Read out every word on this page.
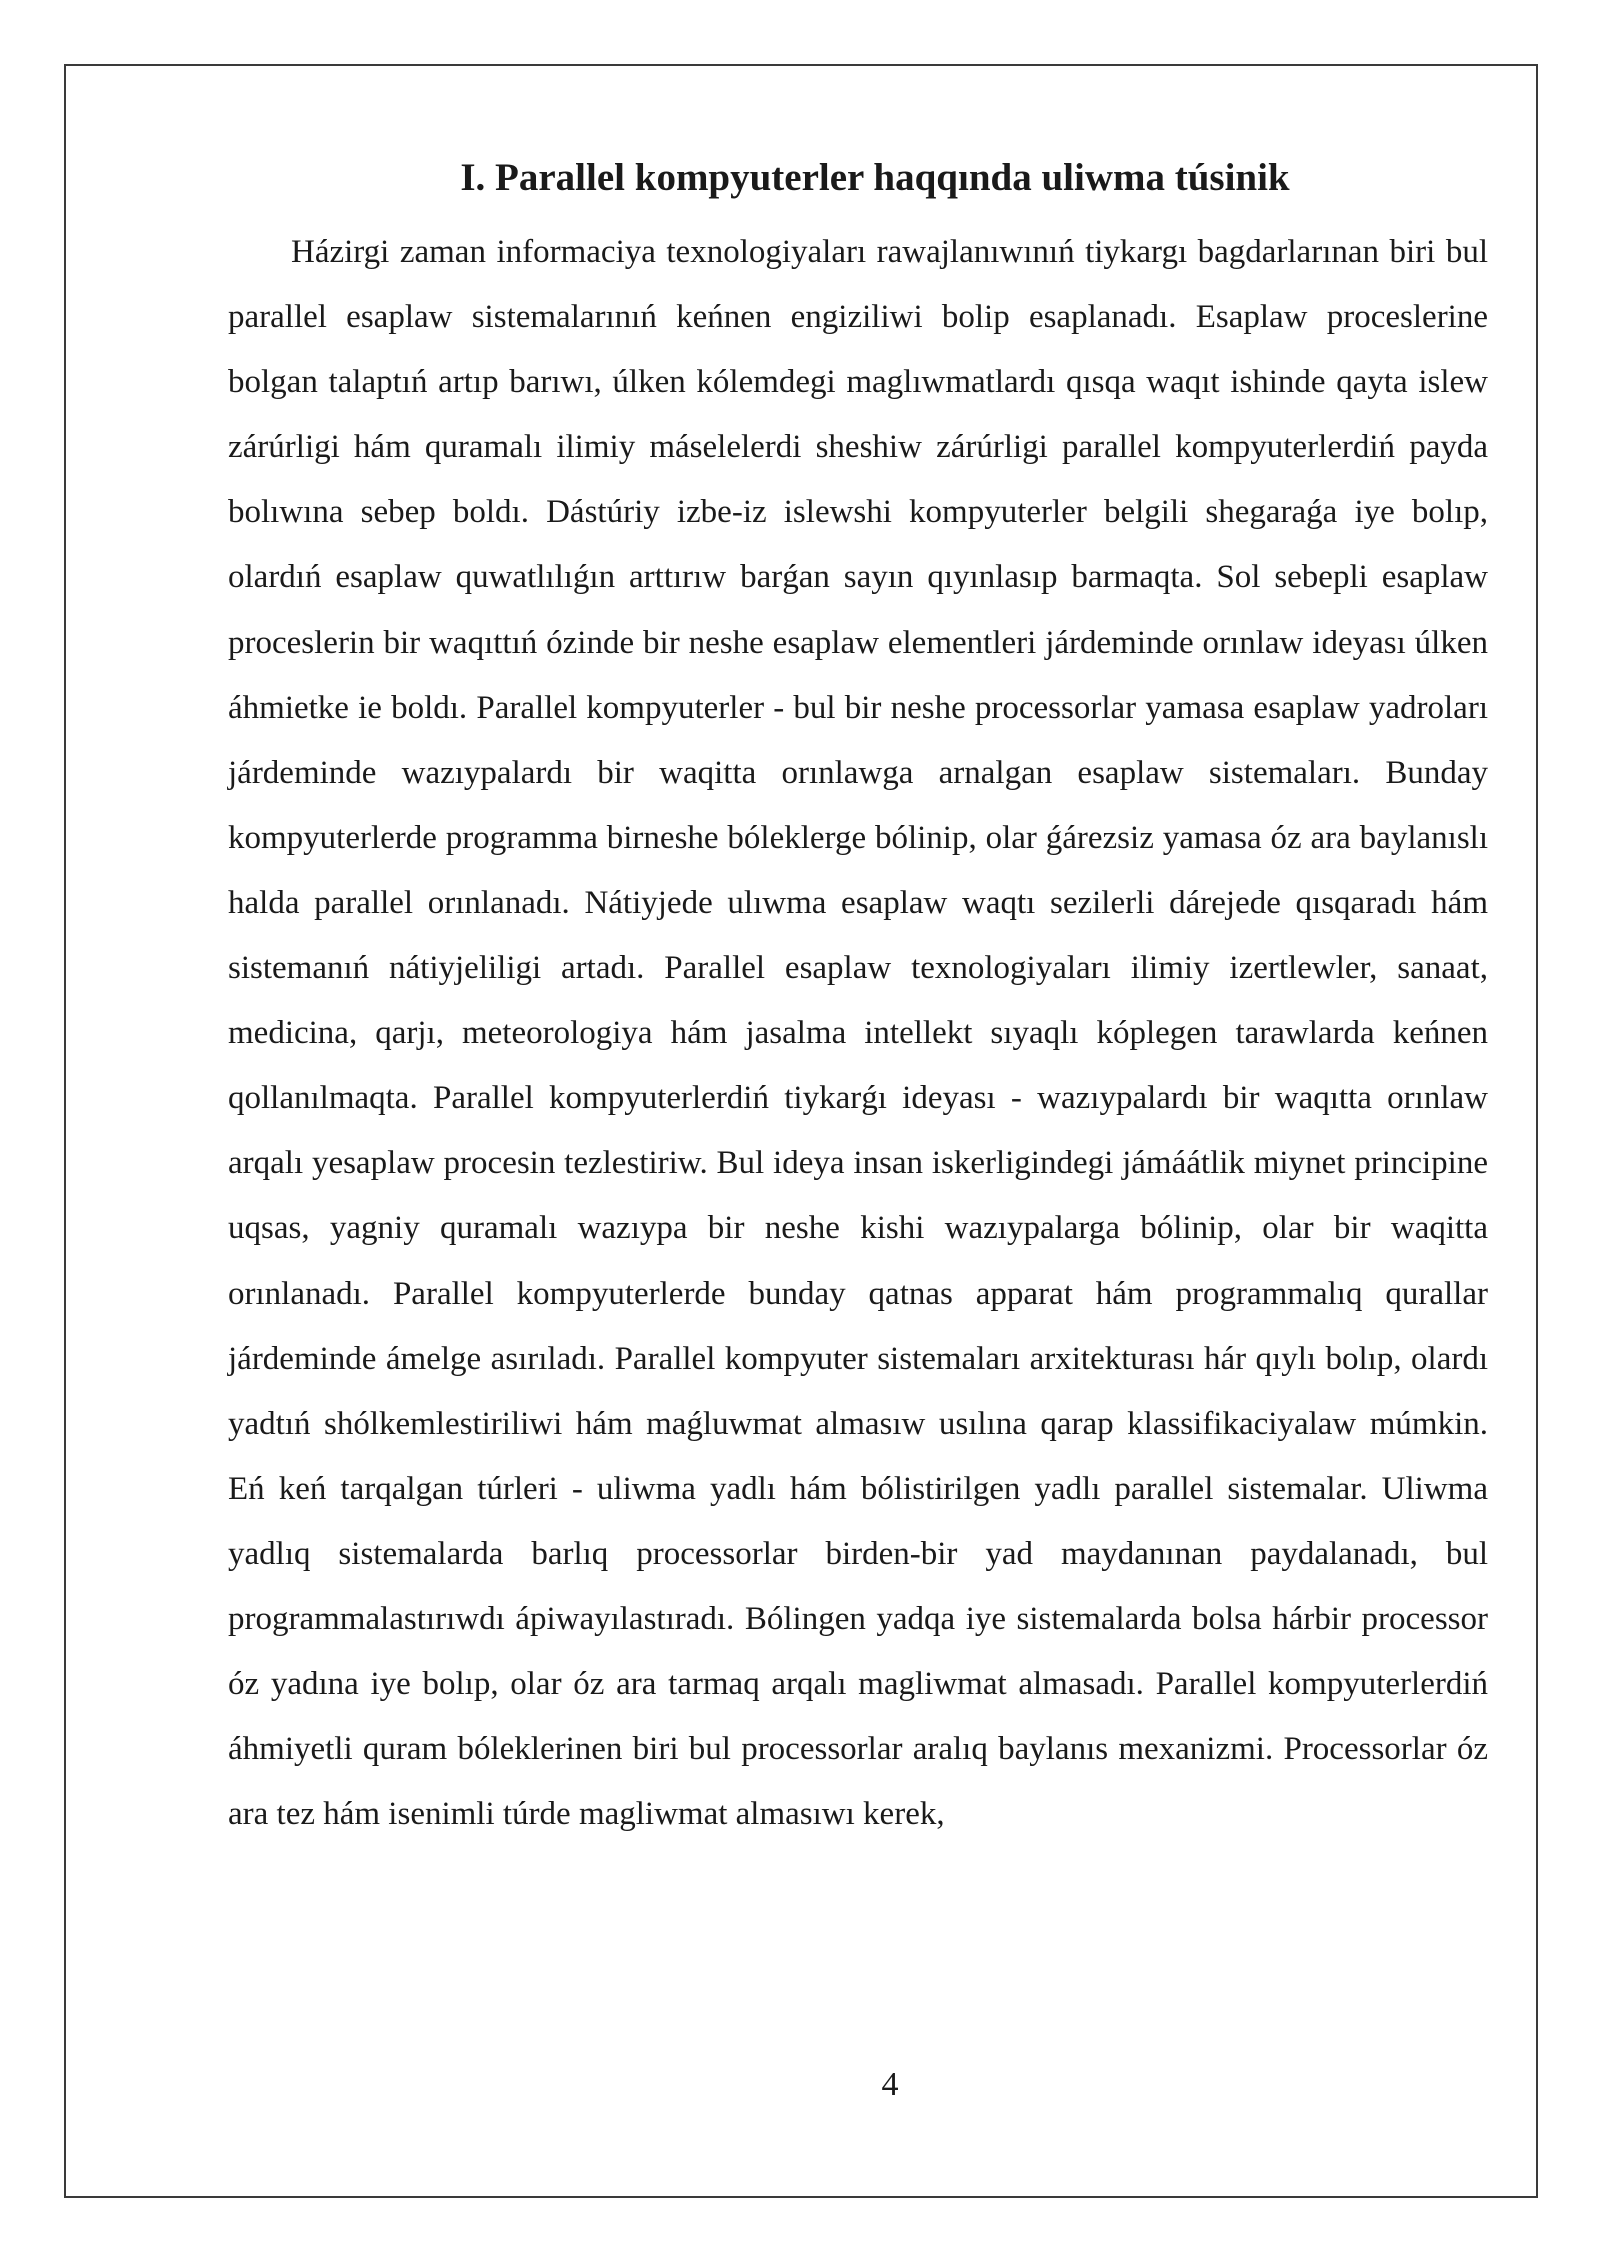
I. Parallel kompyuterler haqqında uliwma túsinik

Házirgi zaman informaciya texnologiyaları rawajlanıwınıń tiykargı bagdarlarınan biri bul parallel esaplaw sistemalarınıń keńnen engiziliwi bolip esaplanadı. Esaplaw proceslerine bolgan talaptıń artıp barıwı, úlken kólemdegi maglıwmatlardı qısqa waqıt ishinde qayta islew zárúrligi hám quramalı ilimiy máselelerdi sheshiw zárúrligi parallel kompyuterlerdiń payda bolıwına sebep boldı. Dástúriy izbe-iz islewshi kompyuterler belgili shegaraǵa iye bolıp, olardıń esaplaw quwatlılıǵın arttırıw barǵan sayın qıyınlasıp barmaqta. Sol sebepli esaplaw proceslerin bir waqıttıń ózinde bir neshe esaplaw elementleri járdeminde orınlaw ideyası úlken áhmietke ie boldı. Parallel kompyuterler - bul bir neshe processorlar yamasa esaplaw yadroları járdeminde wazıypalardı bir waqitta orınlawga arnalgan esaplaw sistemaları. Bunday kompyuterlerde programma birneshe bóleklerge bólinip, olar ǵárezsiz yamasa óz ara baylanıslı halda parallel orınlanadı. Nátiyjede ulıwma esaplaw waqtı sezilerli dárejede qısqaradı hám sistemanıń nátiyjeliligi artadı. Parallel esaplaw texnologiyaları ilimiy izertlewler, sanaat, medicina, qarjı, meteorologiya hám jasalma intellekt sıyaqlı kóplegen tarawlarda keńnen qollanılmaqta. Parallel kompyuterlerdiń tiykarǵı ideyası - wazıypalardı bir waqıtta orınlaw arqalı yesaplaw procesin tezlestiriw. Bul ideya insan iskerligindegi jámáátlik miynet principine uqsas, yagniy quramalı wazıypa bir neshe kishi wazıypalarga bólinip, olar bir waqitta orınlanadı. Parallel kompyuterlerde bunday qatnas apparat hám programmalıq qurallar járdeminde ámelge asırıladı. Parallel kompyuter sistemaları arxitekturası hár qıylı bolıp, olardı yadtıń shólkemlestiriliwi hám maǵluwmat almasıw usılına qarap klassifikaciyalaw múmkin. Eń keń tarqalgan túrleri - uliwma yadlı hám bólistirilgen yadlı parallel sistemalar. Uliwma yadlıq sistemalarda barlıq processorlar birden-bir yad maydanınan paydalanadı, bul programmalastırıwdı ápiwayılastıradı. Bólingen yadqa iye sistemalarda bolsa hárbir processor óz yadına iye bolıp, olar óz ara tarmaq arqalı magliwmat almasadı. Parallel kompyuterlerdiń áhmiyetli quram bóleklerinen biri bul processorlar aralıq baylanıs mexanizmi. Processorlar óz ara tez hám isenimli túrde magliwmat almasıwı kerek,

4
